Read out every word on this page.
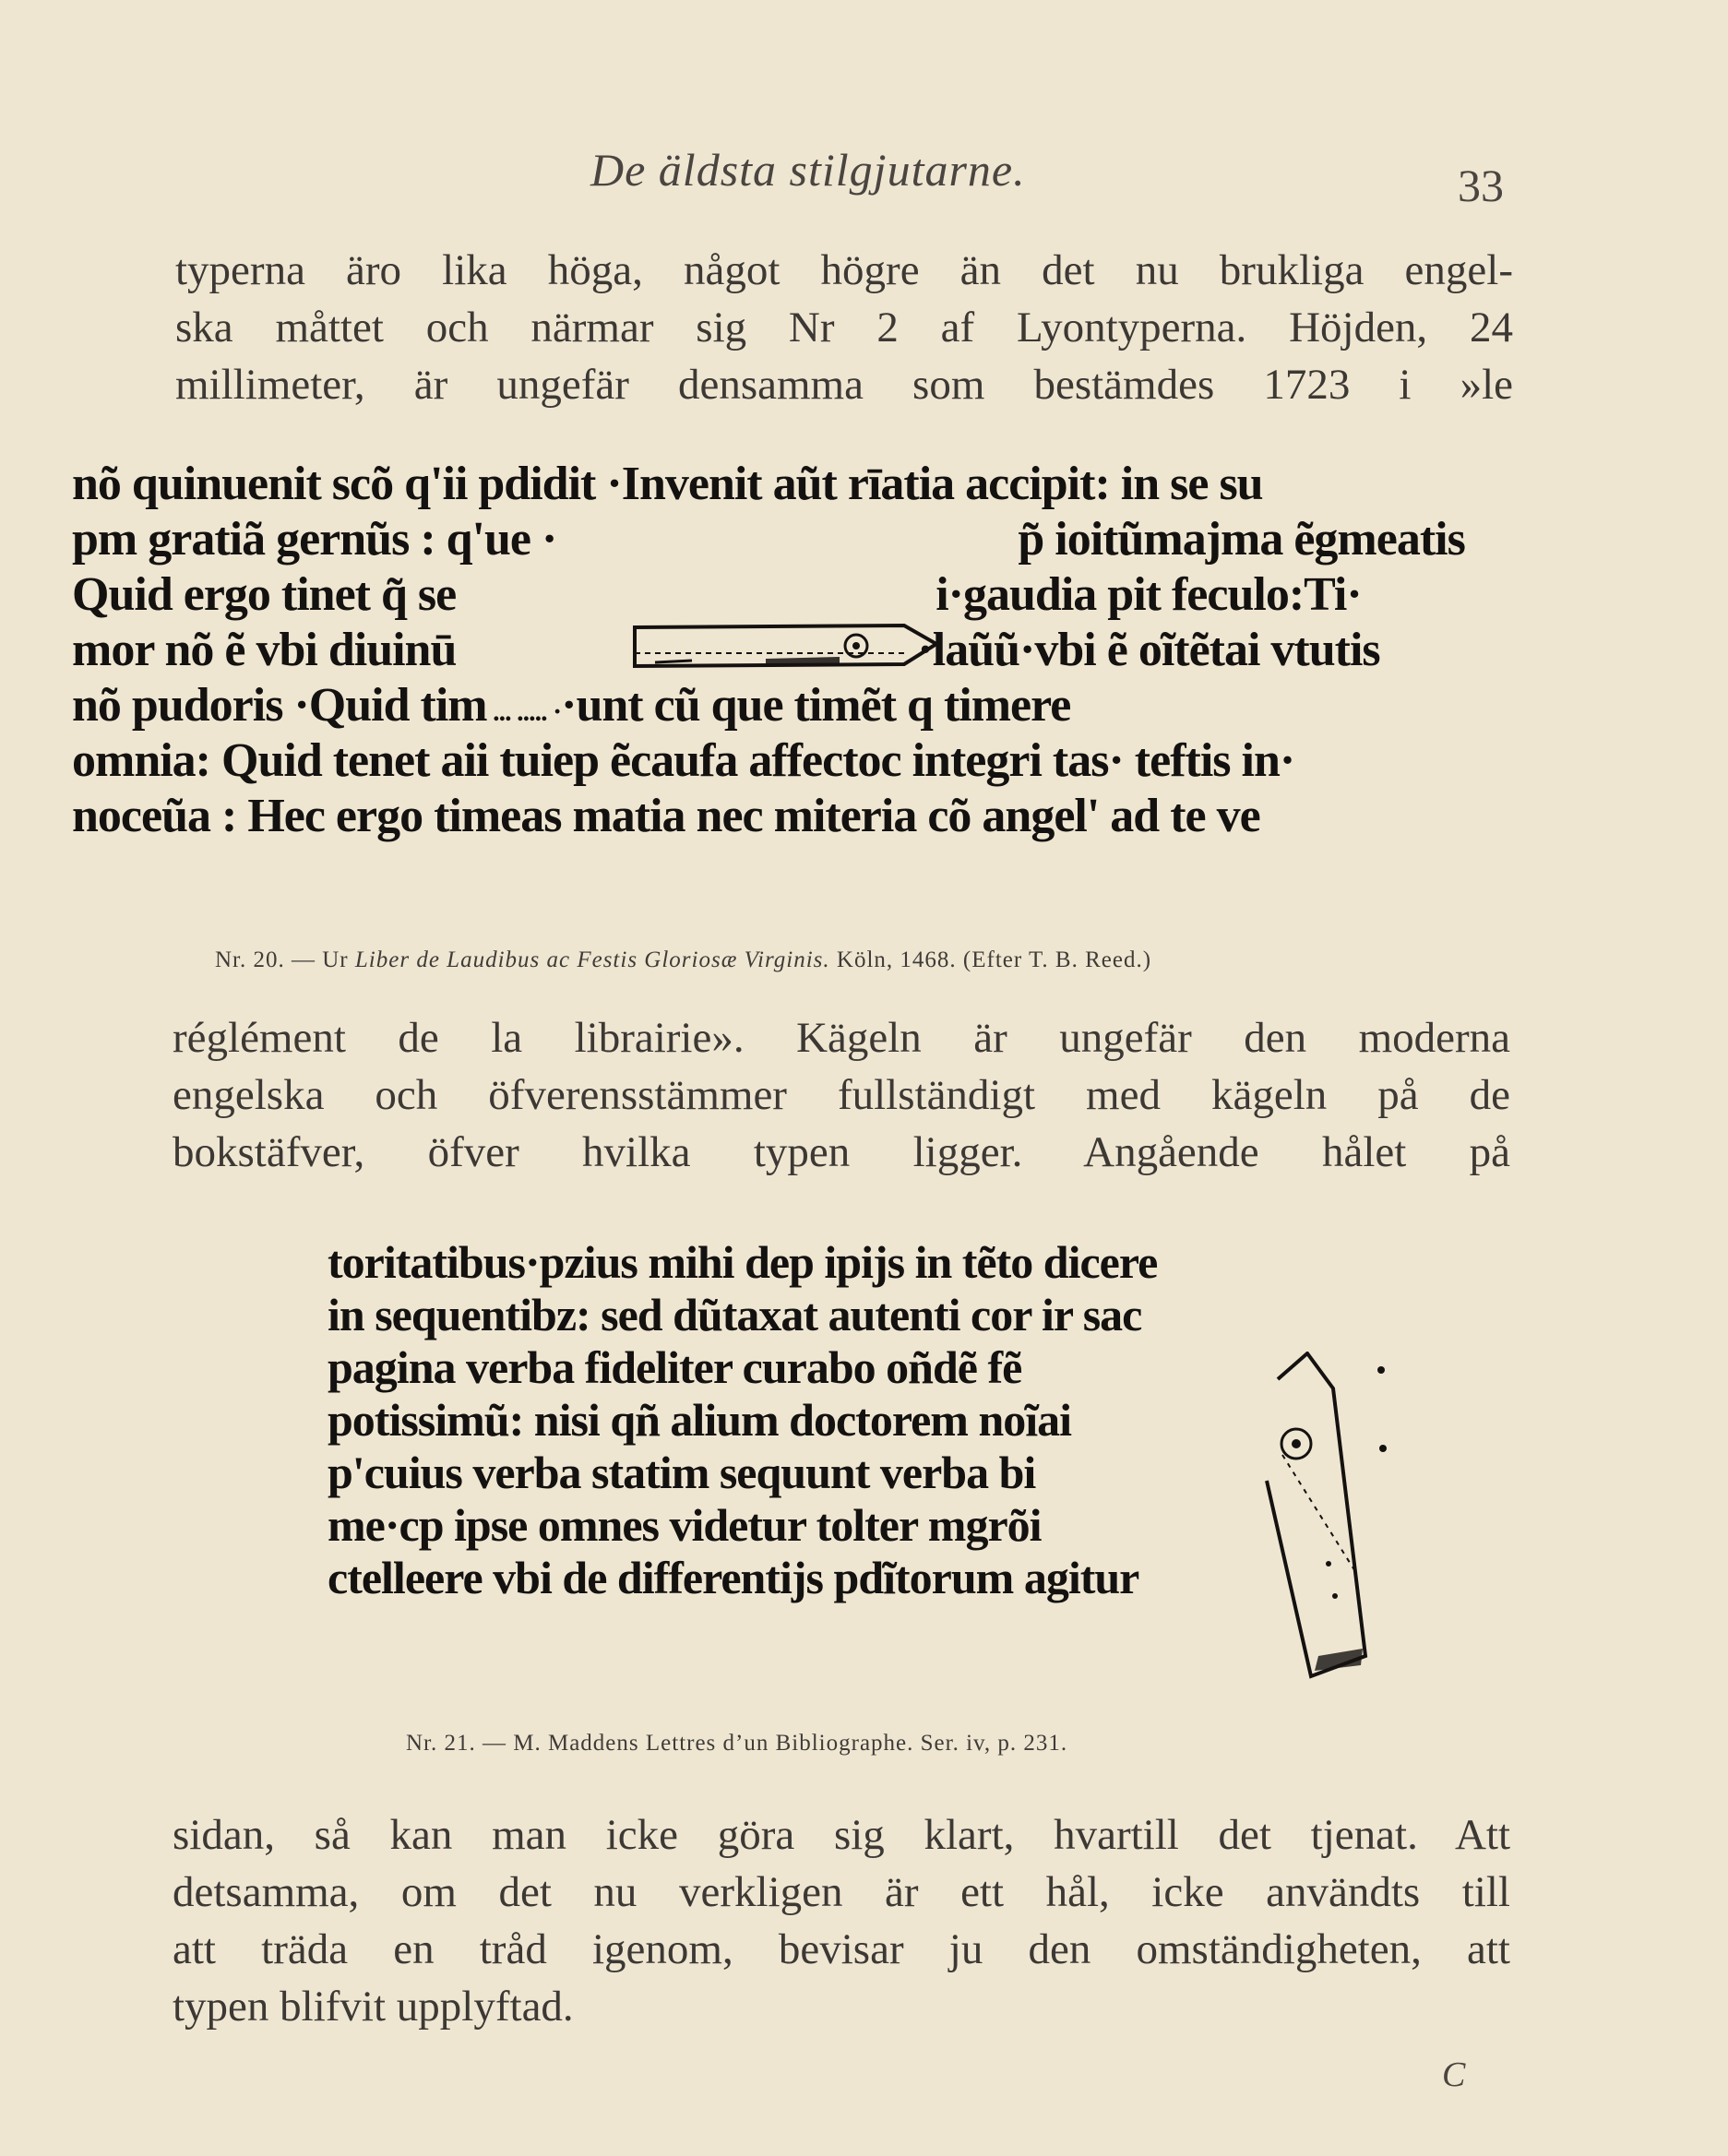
De äldsta stilgjutarne.	33
typerna äro lika höga, något högre än det nu brukliga engel-
ska måttet och närmar sig Nr 2 af Lyontyperna. Höjden, 24
millimeter, är ungefär densamma som bestämdes 1723 i »le
nõ quinuenit scõ q'ii pdidit ·Invenit aũt rīatia accipit: in se su
pm gratiã gernũs : q'ue ·	p̃ ioitũmajma ẽgmeatis
Quid ergo tinet q̃ se	i·gaudia pit feculo:Ti·
mor nõ ẽ vbi diuinū	·laũũ·vbi ẽ oĩtẽtai vtutis
nõ pudoris ·Quid tim ... ..... ··unt cũ que timẽt q timere
omnia: Quid tenet aii tuiep ẽcaufa affectoc integri tas· teftis in·
noceũa : Hec ergo timeas matia nec miteria cõ angel' ad te ve
Nr. 20. — Ur Liber de Laudibus ac Festis Gloriosæ Virginis. Köln, 1468. (Efter T. B. Reed.)
réglément de la librairie». Kägeln är ungefär den moderna
engelska och öfverensstämmer fullständigt med kägeln på de
bokstäfver, öfver hvilka typen ligger. Angående hålet på
toritatibus·pzius mihi dep ipijs in tẽto dicere
in sequentibz: sed dũtaxat autenti cor ir sac
pagina verba fideliter curabo oñdẽ fẽ
potissimũ: nisi qñ alium doctorem noĩai
p'cuius verba statim sequunt verba bi
me·cp ipse omnes videtur tolter mgrõi
ctelleere vbi de differentijs pdĩtorum agitur
Nr. 21. — M. Maddens Lettres d’un Bibliographe. Ser. iv, p. 231.
sidan, så kan man icke göra sig klart, hvartill det tjenat. Att
detsamma, om det nu verkligen är ett hål, icke användts till
att träda en tråd igenom, bevisar ju den omständigheten, att
typen blifvit upplyftad.
C
